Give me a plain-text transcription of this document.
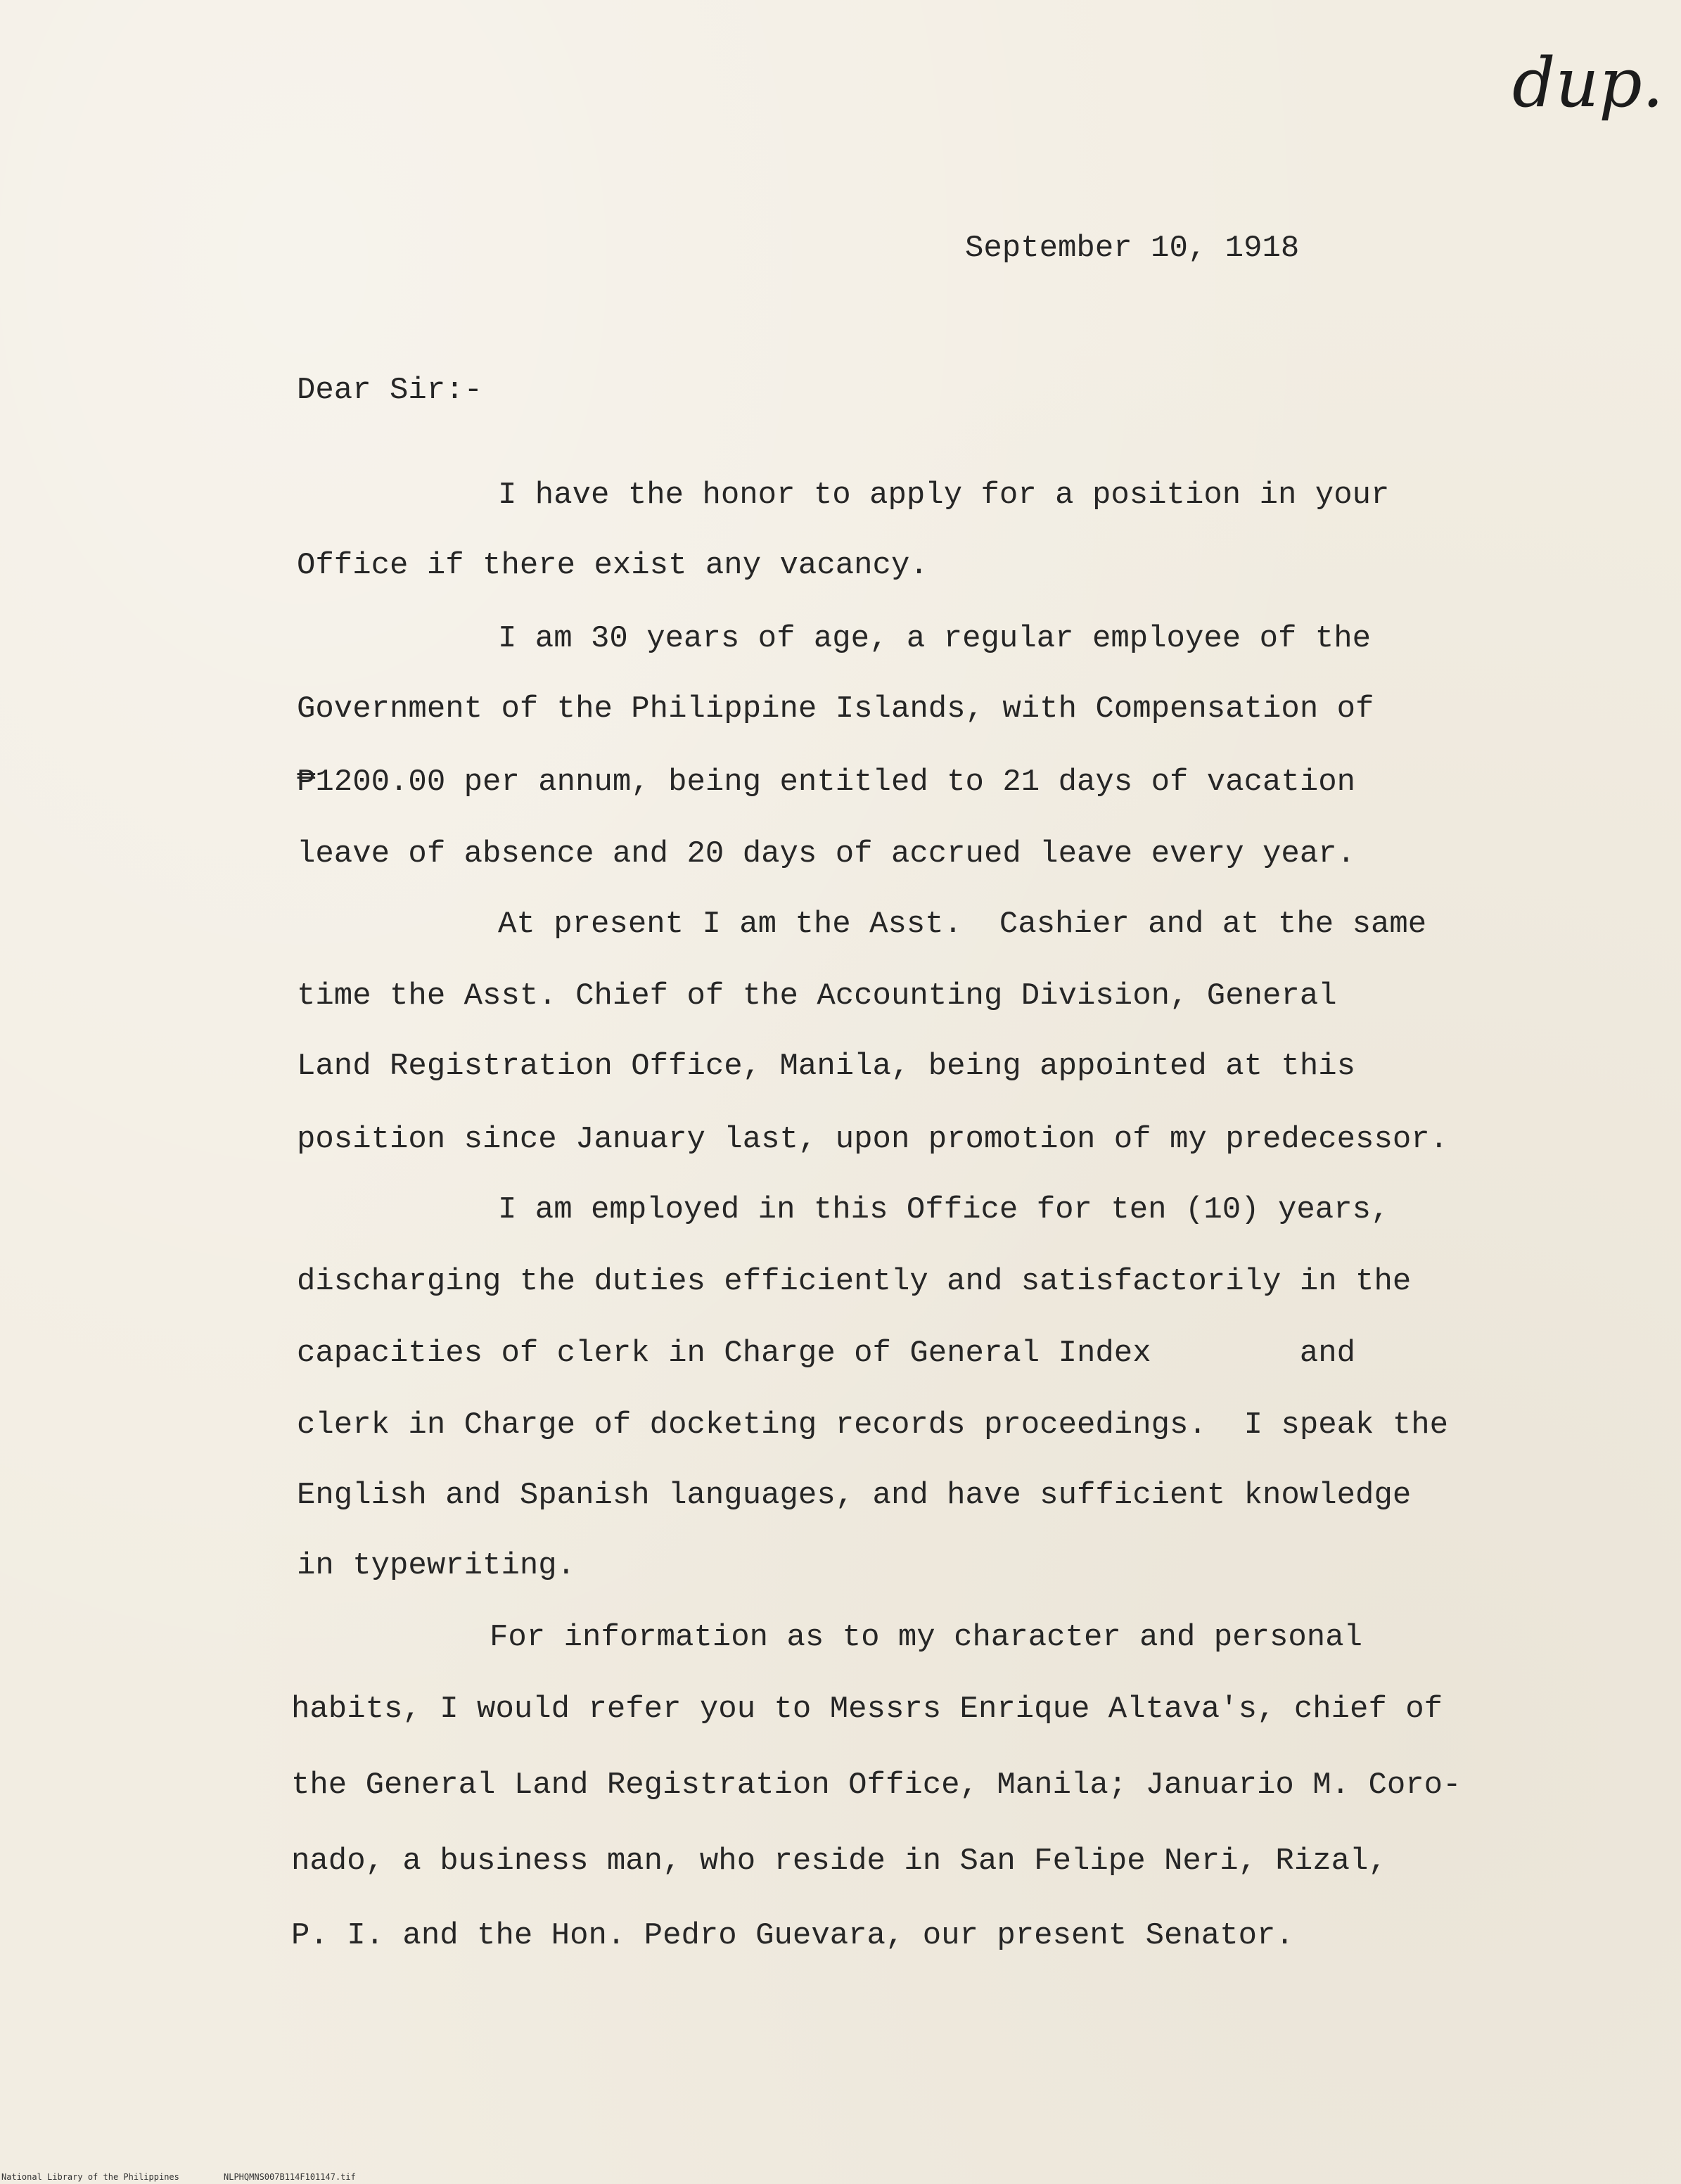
dup.
September 10, 1918
Dear Sir:-
I have the honor to apply for a position in your
Office if there exist any vacancy.
I am 30 years of age, a regular employee of the
Government of the Philippine Islands, with Compensation of
₱1200.00 per annum, being entitled to 21 days of vacation
leave of absence and 20 days of accrued leave every year.
At present I am the Asst.  Cashier and at the same
time the Asst. Chief of the Accounting Division, General
Land Registration Office, Manila, being appointed at this
position since January last, upon promotion of my predecessor.
I am employed in this Office for ten (10) years,
discharging the duties efficiently and satisfactorily in the
capacities of clerk in Charge of General Index        and
clerk in Charge of docketing records proceedings.  I speak the
English and Spanish languages, and have sufficient knowledge
in typewriting.
For information as to my character and personal
habits, I would refer you to Messrs Enrique Altava's, chief of
the General Land Registration Office, Manila; Januario M. Coro-
nado, a business man, who reside in San Felipe Neri, Rizal,
P. I. and the Hon. Pedro Guevara, our present Senator.
National Library of the Philippines	NLPHQMNS007B114F101147.tif
